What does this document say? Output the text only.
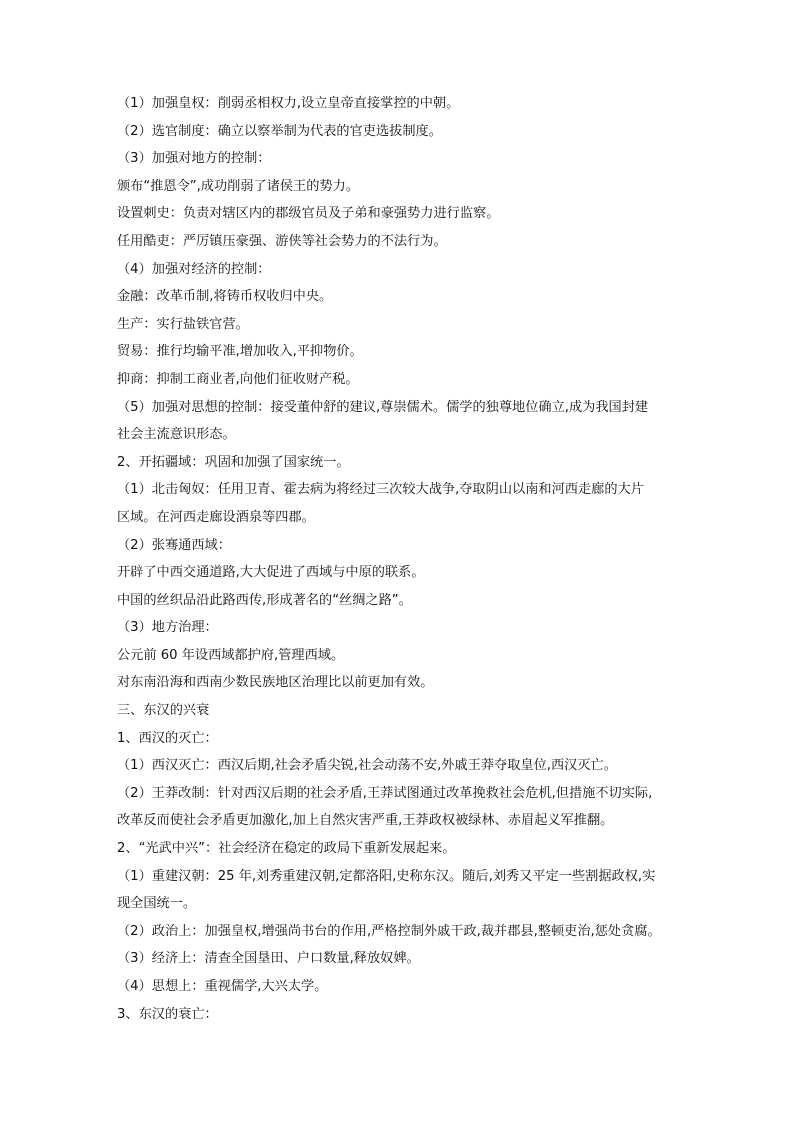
（1）加强皇权：削弱丞相权力,设立皇帝直接掌控的中朝。
（2）选官制度：确立以察举制为代表的官吏选拔制度。
（3）加强对地方的控制：
颁布“推恩令”,成功削弱了诸侯王的势力。
设置刺史：负责对辖区内的郡级官员及子弟和豪强势力进行监察。
任用酷吏：严厉镇压豪强、游侠等社会势力的不法行为。
（4）加强对经济的控制：
金融：改革币制,将铸币权收归中央。
生产：实行盐铁官营。
贸易：推行均输平准,增加收入,平抑物价。
抑商：抑制工商业者,向他们征收财产税。
（5）加强对思想的控制：接受董仲舒的建议,尊崇儒术。儒学的独尊地位确立,成为我国封建
社会主流意识形态。
2、开拓疆域：巩固和加强了国家统一。
（1）北击匈奴：任用卫青、霍去病为将经过三次较大战争,夺取阴山以南和河西走廊的大片
区域。在河西走廊设酒泉等四郡。
（2）张骞通西域：
开辟了中西交通道路,大大促进了西域与中原的联系。
中国的丝织品沿此路西传,形成著名的“丝绸之路”。
（3）地方治理：
公元前 60 年设西域都护府,管理西域。
对东南沿海和西南少数民族地区治理比以前更加有效。
三、东汉的兴衰
1、西汉的灭亡：
（1）西汉灭亡：西汉后期,社会矛盾尖锐,社会动荡不安,外戚王莽夺取皇位,西汉灭亡。
（2）王莽改制：针对西汉后期的社会矛盾,王莽试图通过改革挽救社会危机,但措施不切实际,
改革反而使社会矛盾更加激化,加上自然灾害严重,王莽政权被绿林、赤眉起义军推翻。
2、“光武中兴”：社会经济在稳定的政局下重新发展起来。
（1）重建汉朝：25 年,刘秀重建汉朝,定都洛阳,史称东汉。随后,刘秀又平定一些割据政权,实
现全国统一。
（2）政治上：加强皇权,增强尚书台的作用,严格控制外戚干政,裁并郡县,整顿吏治,惩处贪腐。
（3）经济上：清查全国垦田、户口数量,释放奴婢。
（4）思想上：重视儒学,大兴太学。
3、东汉的衰亡：
